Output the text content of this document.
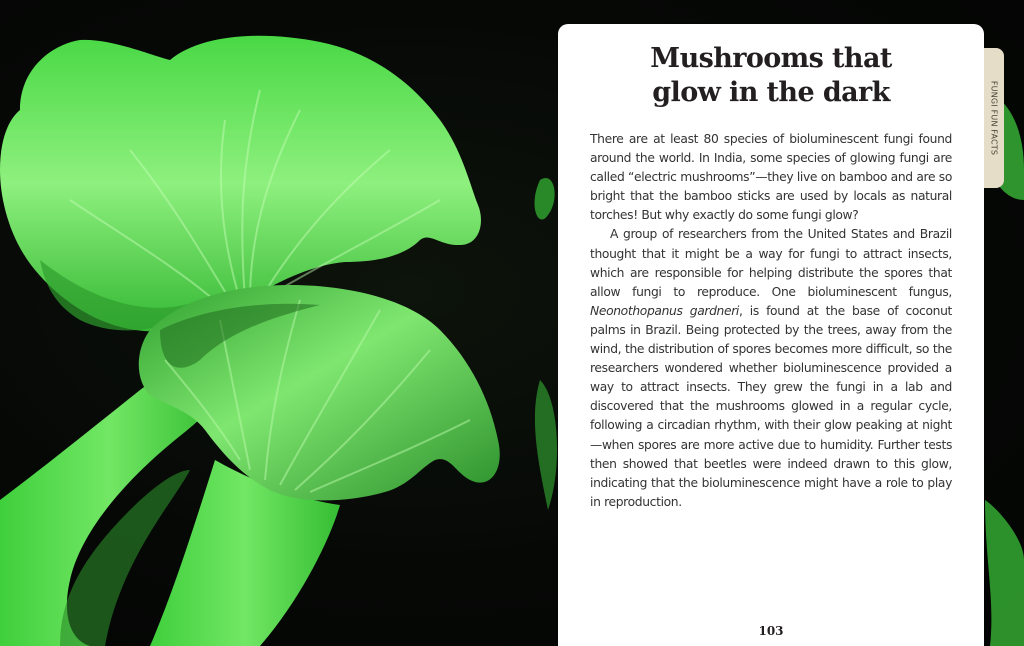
Mushrooms that
glow in the dark

There are at least 80 species of bioluminescent fungi found around the world. In India, some species of glowing fungi are called “electric mushrooms”—they live on bamboo and are so bright that the bamboo sticks are used by locals as natural torches! But why exactly do some fungi glow?

A group of researchers from the United States and Brazil thought that it might be a way for fungi to attract insects, which are responsible for helping distribute the spores that allow fungi to reproduce. One bioluminescent fungus, Neonothopanus gardneri, is found at the base of coconut palms in Brazil. Being protected by the trees, away from the wind, the distribution of spores becomes more difficult, so the researchers wondered whether bioluminescence provided a way to attract insects. They grew the fungi in a lab and discovered that the mushrooms glowed in a regular cycle, following a circadian rhythm, with their glow peaking at night—when spores are more active due to humidity. Further tests then showed that beetles were indeed drawn to this glow, indicating that the bioluminescence might have a role to play in reproduction.

103
FUNGI FUN FACTS
